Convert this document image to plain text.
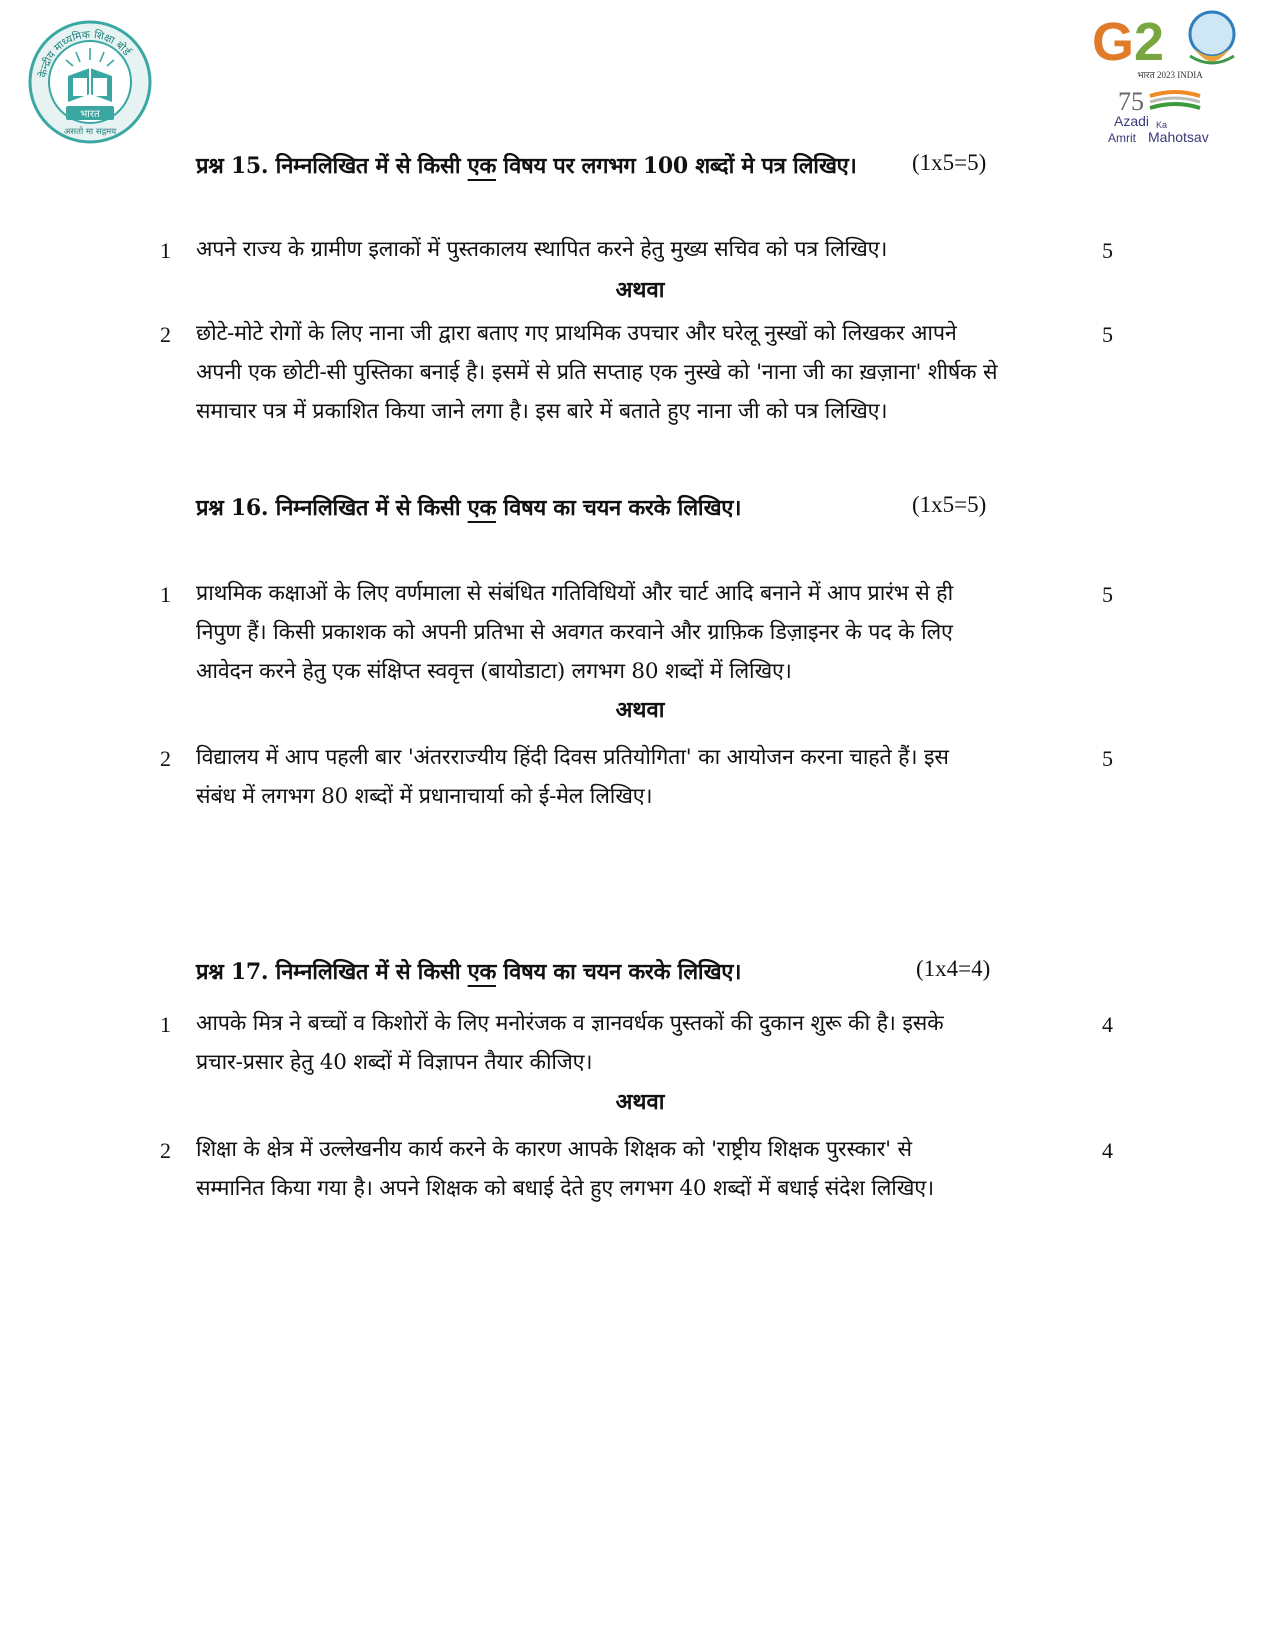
केन्द्रीय माध्यमिक शिक्षा बोर्ड
भारत
असतो मा सद्गमय
G2
भारत 2023 INDIA
75
Azadi Ka
Amrit Mahotsav
प्रश्न 15. निम्नलिखित में से किसी एक विषय पर लगभग 100 शब्दों मे पत्र लिखिए। (1x5=5)
1 अपने राज्य के ग्रामीण इलाकों में पुस्तकालय स्थापित करने हेतु मुख्य सचिव को पत्र लिखिए।	5
अथवा
2 छोटे-मोटे रोगों के लिए नाना जी द्वारा बताए गए प्राथमिक उपचार और घरेलू नुस्खों को लिखकर आपने
अपनी एक छोटी-सी पुस्तिका बनाई है। इसमें से प्रति सप्ताह एक नुस्खे को 'नाना जी का ख़ज़ाना' शीर्षक से
समाचार पत्र में प्रकाशित किया जाने लगा है। इस बारे में बताते हुए नाना जी को पत्र लिखिए।
5
प्रश्न 16. निम्नलिखित में से किसी एक विषय का चयन करके लिखिए।	(1x5=5)
1 प्राथमिक कक्षाओं के लिए वर्णमाला से संबंधित गतिविधियों और चार्ट आदि बनाने में आप प्रारंभ से ही
निपुण हैं। किसी प्रकाशक को अपनी प्रतिभा से अवगत करवाने और ग्राफ़िक डिज़ाइनर के पद के लिए
आवेदन करने हेतु एक संक्षिप्त स्ववृत्त (बायोडाटा) लगभग 80 शब्दों में लिखिए।
5
अथवा
2 विद्यालय में आप पहली बार 'अंतरराज्यीय हिंदी दिवस प्रतियोगिता' का आयोजन करना चाहते हैं। इस
संबंध में लगभग 80 शब्दों में प्रधानाचार्या को ई-मेल लिखिए।
5
प्रश्न 17. निम्नलिखित में से किसी एक विषय का चयन करके लिखिए।	(1x4=4)
1 आपके मित्र ने बच्चों व किशोरों के लिए मनोरंजक व ज्ञानवर्धक पुस्तकों की दुकान शुरू की है। इसके
प्रचार-प्रसार हेतु 40 शब्दों में विज्ञापन तैयार कीजिए।
4
अथवा
2 शिक्षा के क्षेत्र में उल्लेखनीय कार्य करने के कारण आपके शिक्षक को 'राष्ट्रीय शिक्षक पुरस्कार' से
सम्मानित किया गया है। अपने शिक्षक को बधाई देते हुए लगभग 40 शब्दों में बधाई संदेश लिखिए।
4
